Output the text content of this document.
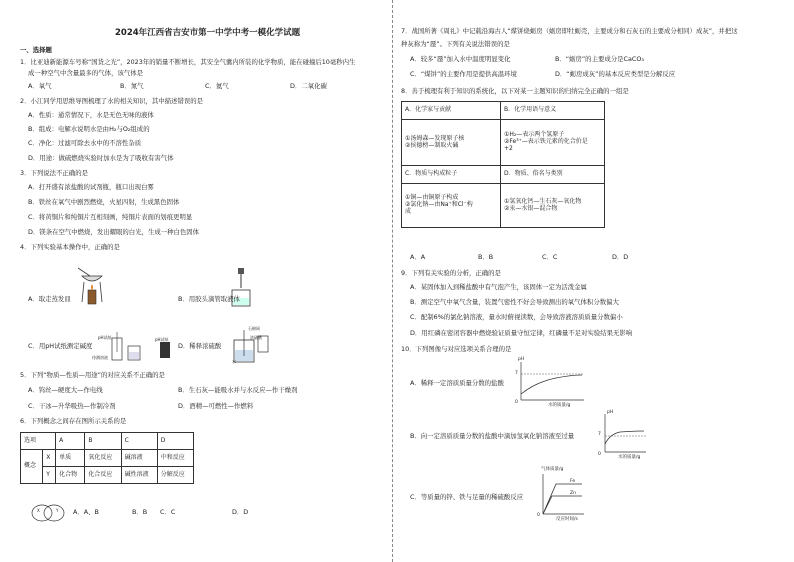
2024年江西省吉安市第一中学中考一模化学试题
一、选择题
1．比亚迪新能源车号称“国货之光”，2023年的销量不断增长，其安全气囊内所装的化学物质，能在碰撞后10毫秒内生
成一种空气中含量最多的气体，该气体是
A．氧气	B．氮气	C．氦气	D．二氧化碳
2．小江同学用思维导图梳理了水的相关知识，其中描述错误的是
A．性质：通常情况下，水是无色无味的液体
B．组成：电解水说明水是由H₂与O₂组成的
C．净化：过滤可除去水中的不溶性杂质
D．用途：做硫燃烧实验时加水是为了吸收有害气体
3．下列说法不正确的是
A．打开盛有浓盐酸的试剂瓶，瓶口出现白雾
B．铁丝在氧气中剧烈燃烧，火星四射，生成黑色固体
C．将黄铜片和纯铜片互相刻画，纯铜片表面的划痕更明显
D．镁条在空气中燃烧，发出耀眼的白光，生成一种白色固体
4．下列实验基本操作中，正确的是
A．取走蒸发皿	B．用胶头滴管取液体
pH试纸
待测溶液
pH试纸
C．用pH试纸测定碱度
石棉网
浓硫酸
水
D．稀释浓硫酸
5．下列“物质—性质—用途”的对应关系不正确的是
A．钨丝—硬度大—作电线	B．生石灰—能吸水并与水反应—作干燥剂
C．干冰—升华吸热—作制冷剂	D．酒精—可燃性—作燃料
6．下列概念之间存在图所示关系的是
选项		A	B	C	D
概念	X	单质	氧化反应	碱溶液	中和反应
	Y	化合物	化合反应	碱性溶液	分解反应
X	Y A．A、B	B．B C．C	D．D
7．战国所著《周礼》中记载沿海古人“煤饼烧蛎房（蛎房即牡蛎壳，主要成分和石灰石的主要成分相同）成灰”，并把这
种灰称为“蜃”。下列有关说法错误的是
A．较多“蜃”加入水中温度明显变化	B．“蛎房”的主要成分是CaCO₃
C．“煤饼”的主要作用是提供高温环境	D．“蛎房成灰”的基本反应类型是分解反应
8．善于梳理有利于知识的系统化，以下对某一主题知识的归纳完全正确的一组是
A．化学家与贡献	B．化学用语与意义
①汤姆森—发现原子核
②侯德榜—制取火碱	①H₂—表示两个氢原子
②Fe³⁺—表示铁元素的化合价是
+2
C．物质与构成粒子	D．物质、俗名与类别
①铜—由铜原子构成
②氯化钠—由Na⁺和Cl⁻构
成	①氢氧化钙—生石灰—氧化物
②汞—水银—混合物
A．A	B．B	C．C	D．D
9．下列有关实验的分析，正确的是
A．某固体加入到稀盐酸中有气泡产生，该固体一定为活泼金属
B．测定空气中氧气含量，装置气密性不好会导致测出的氧气体积分数偏大
C．配制6%的氯化钠溶液，量水时俯视读数，会导致溶液溶质质量分数偏小
D．用红磷在密闭容器中燃烧验证质量守恒定律，红磷量不足对实验结果无影响
10．下列图像与对应选项关系合理的是
A．稀释一定溶质质量分数的盐酸
pH
7
0
水的质量/g
B．向一定溶质质量分数的盐酸中滴加氢氧化钠溶液至过量
pH
7
0
水的质量/g
C．等质量的锌、铁与足量的稀硫酸反应
气体质量/g
Fe
Zn
0
反应时间/s
